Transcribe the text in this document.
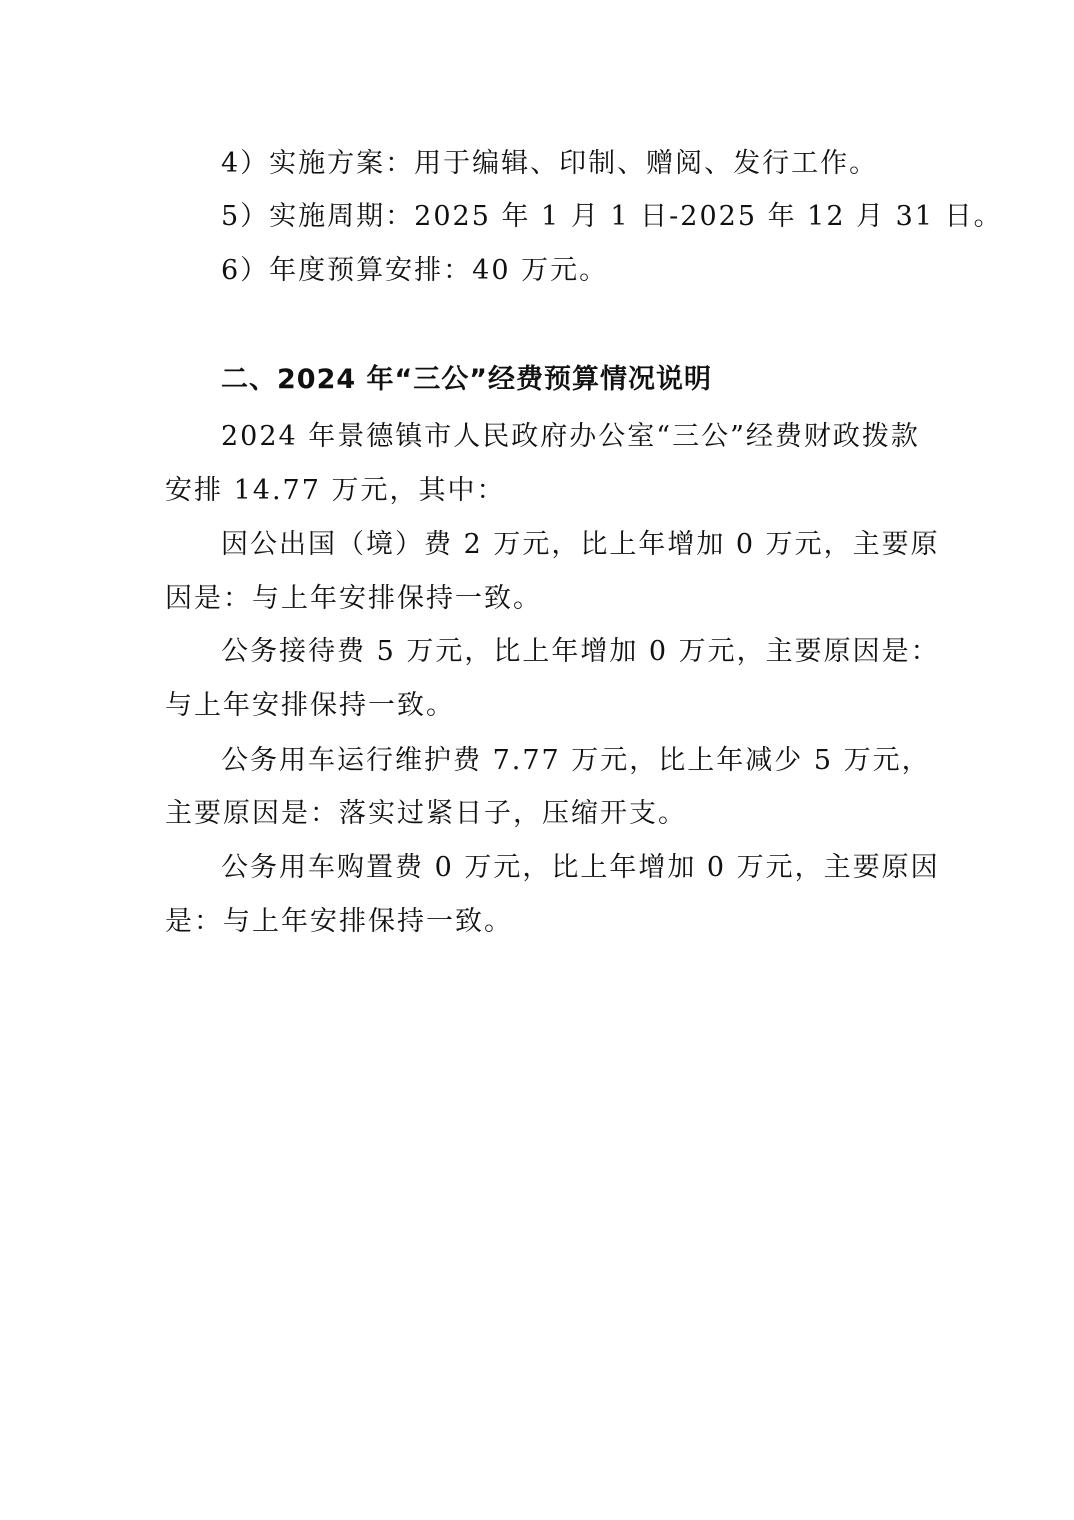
4）实施方案：用于编辑、印制、赠阅、发行工作。
5）实施周期：2025 年 1 月 1 日-2025 年 12 月 31 日。
6）年度预算安排：40 万元。
二、2024 年“三公”经费预算情况说明
2024 年景德镇市人民政府办公室“三公”经费财政拨款
安排 14.77 万元，其中：
因公出国（境）费 2 万元，比上年增加 0 万元，主要原
因是：与上年安排保持一致。
公务接待费 5 万元，比上年增加 0 万元，主要原因是：
与上年安排保持一致。
公务用车运行维护费 7.77 万元，比上年减少 5 万元，
主要原因是：落实过紧日子，压缩开支。
公务用车购置费 0 万元，比上年增加 0 万元，主要原因
是：与上年安排保持一致。
